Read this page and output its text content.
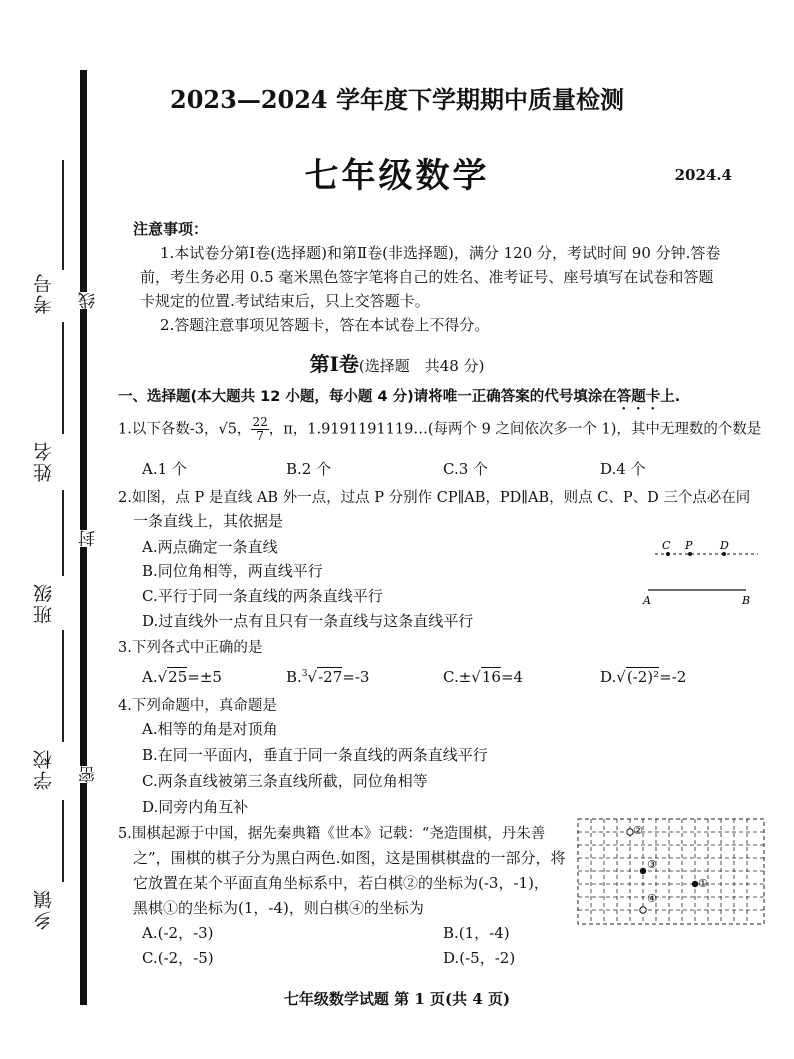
考号
姓名
班级
学校
乡镇
线
封
密
2023—2024 学年度下学期期中质量检测
七年级数学	2024.4
注意事项：
1.本试卷分第Ⅰ卷(选择题)和第Ⅱ卷(非选择题)，满分 120 分，考试时间 90 分钟.答卷
前，考生务必用 0.5 毫米黑色签字笔将自己的姓名、准考证号、座号填写在试卷和答题
卡规定的位置.考试结束后，只上交答题卡。
2.答题注意事项见答题卡，答在本试卷上不得分。
第Ⅰ卷(选择题　共48 分)
一、选择题(本大题共 12 小题，每小题 4 分)请将唯一正确答案的代号填涂在答题卡上.
1.以下各数-3，√5， $\frac{22}{7}$ ，π，1.9191191119…(每两个 9 之间依次多一个 1)，其中无理数的个数是
A.1 个	B.2 个	C.3 个	D.4 个
2.如图，点 P 是直线 AB 外一点，过点 P 分别作 CP∥AB，PD∥AB，则点 C、P、D 三个点必在同
一条直线上，其依据是
A.两点确定一条直线
B.同位角相等，两直线平行
C.平行于同一条直线的两条直线平行
D.过直线外一点有且只有一条直线与这条直线平行
C P	D
A	B
3.下列各式中正确的是
A.√25=±5	B.$^3$√-27=-3	C.±√16=4	D.√(-2)²=-2
4.下列命题中，真命题是
A.相等的角是对顶角
B.在同一平面内，垂直于同一条直线的两条直线平行
C.两条直线被第三条直线所截，同位角相等
D.同旁内角互补
5.围棋起源于中国，据先秦典籍《世本》记载：“尧造围棋，丹朱善
之”，围棋的棋子分为黑白两色.如图，这是围棋棋盘的一部分，将
它放置在某个平面直角坐标系中，若白棋②的坐标为(-3，-1)，
黑棋①的坐标为(1，-4)，则白棋④的坐标为
A.(-2，-3)	B.(1，-4)
C.(-2，-5)	D.(-5，-2)
②
③
①
④
七年级数学试题 第 1 页(共 4 页)
